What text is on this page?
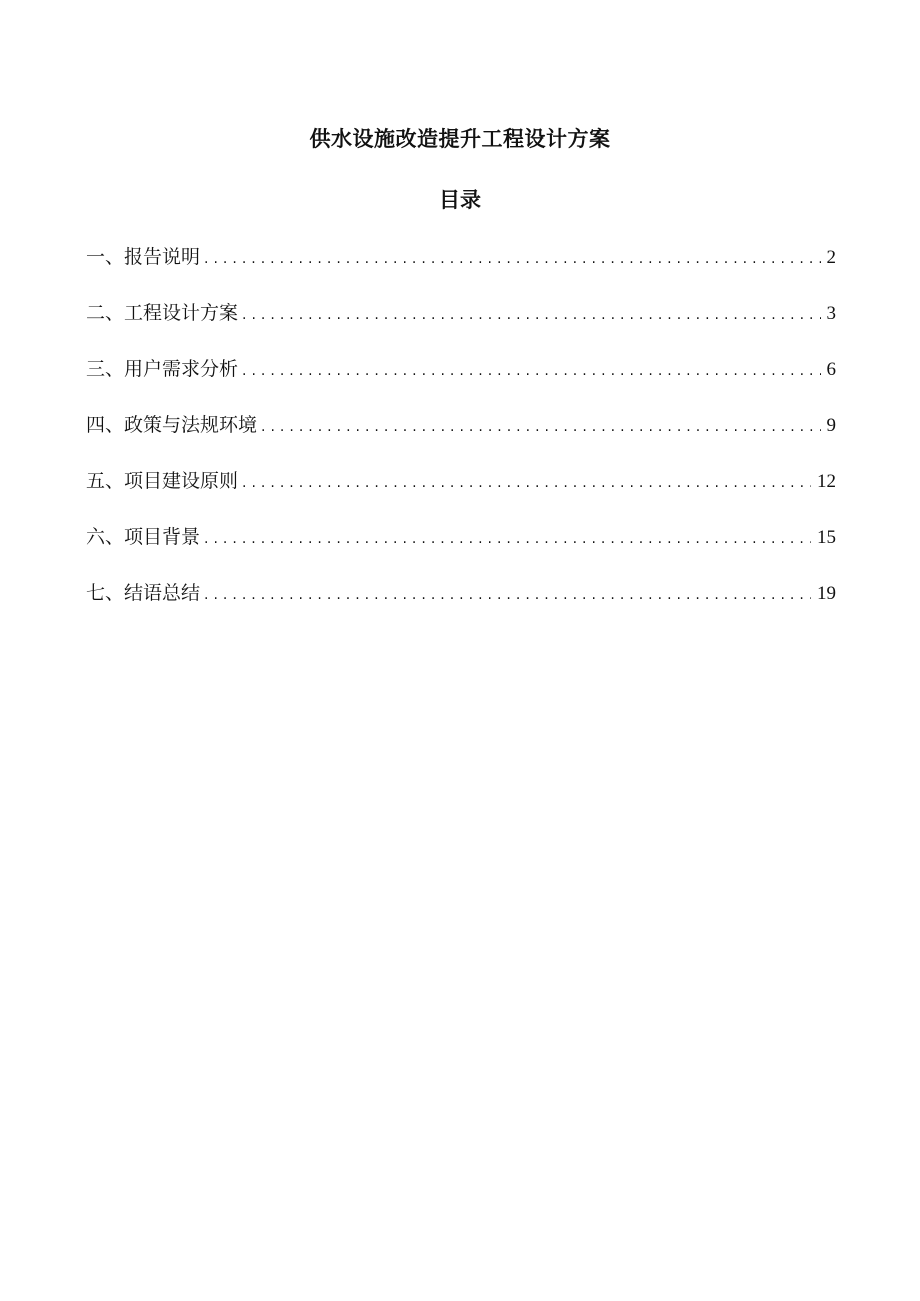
供水设施改造提升工程设计方案
目录
一、报告说明 .....	2
二、工程设计方案 .....	3
三、用户需求分析 .....	6
四、政策与法规环境 .....	9
五、项目建设原则 .....	12
六、项目背景 .....	15
七、结语总结 .....	19
